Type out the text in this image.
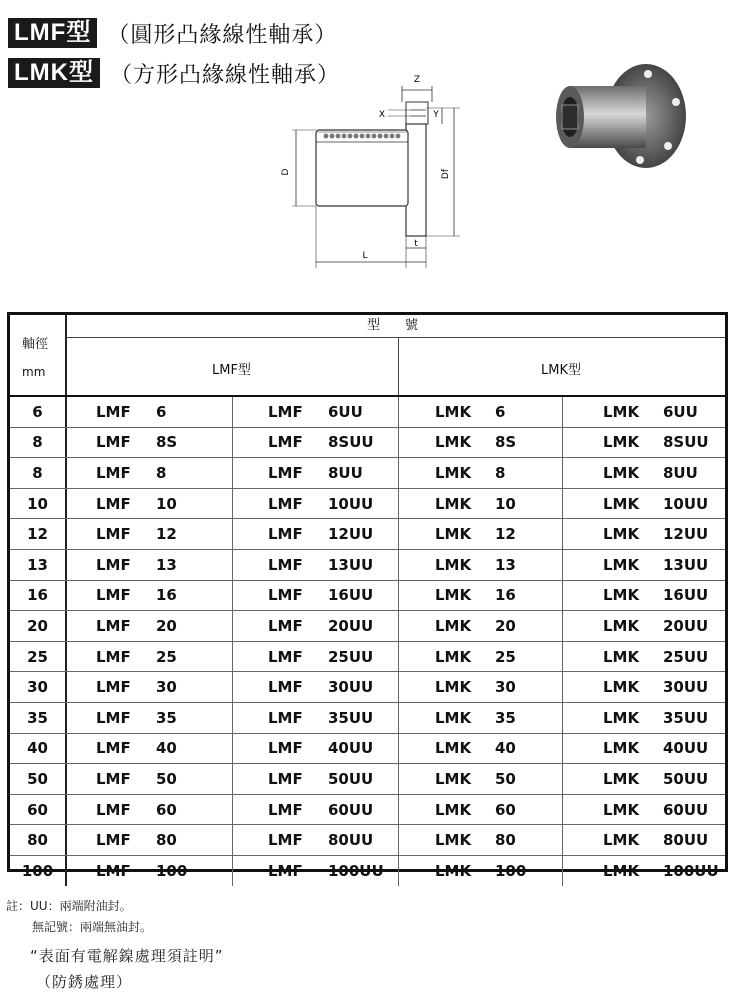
LMF型 （圓形凸緣線性軸承）
LMK型 （方形凸緣線性軸承）	Z
X	Y
D	Df
L
t
軸徑
mm
型　號
LMF型	LMK型
6	LMF	6	LMF	6UU	LMK	6	LMK	6UU
8	LMF	8S	LMF	8SUU	LMK	8S	LMK	8SUU
8	LMF	8	LMF	8UU	LMK	8	LMK	8UU
10	LMF	10	LMF	10UU	LMK	10	LMK	10UU
12	LMF	12	LMF	12UU	LMK	12	LMK	12UU
13	LMF	13	LMF	13UU	LMK	13	LMK	13UU
16	LMF	16	LMF	16UU	LMK	16	LMK	16UU
20	LMF	20	LMF	20UU	LMK	20	LMK	20UU
25	LMF	25	LMF	25UU	LMK	25	LMK	25UU
30	LMF	30	LMF	30UU	LMK	30	LMK	30UU
35	LMF	35	LMF	35UU	LMK	35	LMK	35UU
40	LMF	40	LMF	40UU	LMK	40	LMK	40UU
50	LMF	50	LMF	50UU	LMK	50	LMK	50UU
60	LMF	60	LMF	60UU	LMK	60	LMK	60UU
80	LMF	80	LMF	80UU	LMK	80	LMK	80UU
100	LMF	100	LMF	100UU	LMK	100	LMK	100UU
註：UU：兩端附油封。
無記號：兩端無油封。
“表面有電解鎳處理須註明”
（防銹處理）
